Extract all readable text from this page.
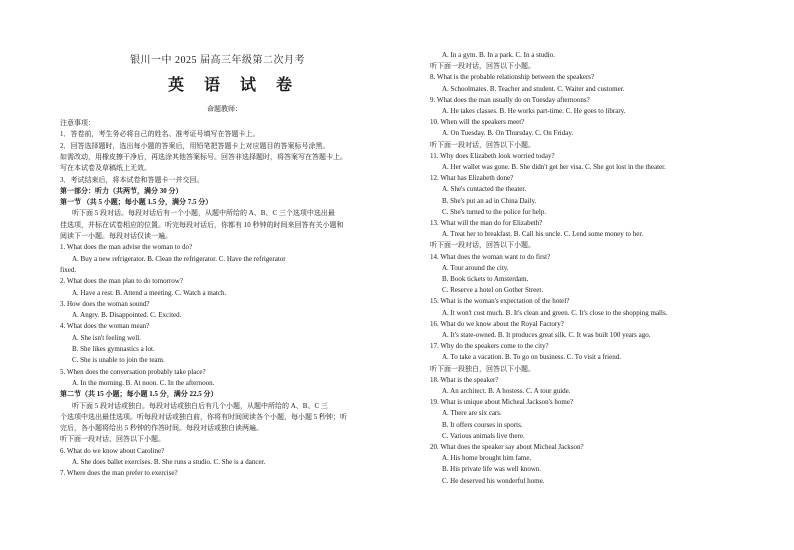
银川一中 2025 届高三年级第二次月考
英 语 试 卷
命题教师：
注意事项：
1．答卷前，考生务必将自己的姓名、准考证号填写在答题卡上。
2．回答选择题时，选出每小题的答案后，用铅笔把答题卡上对应题目的答案标号涂黑。
如需改动，用橡皮擦干净后，再选涂其他答案标号。回答非选择题时，将答案写在答题卡上。
写在本试卷及草稿纸上无效。
3．考试结束后，将本试卷和答题卡一并交回。
第一部分：听力（共两节，满分 30 分）
第一节 （共 5 小题；每小题 1.5 分，满分 7.5 分）
听下面 5 段对话。每段对话后有一个小题，从题中所给的 A、B、C 三个选项中选出最
佳选项，并标在试卷相应的位置。听完每段对话后，你都有 10 秒钟的时间来回答有关小题和
阅读下一小题。每段对话仅读一遍。
1. What does the man advise the woman to do?
A. Buy a new refrigerator. B. Clean the refrigerator. C. Have the refrigerator
fixed.
2. What does the man plan to do tomorrow?
A. Have a rest. B. Attend a meeting. C. Watch a match.
3. How does the woman sound?
A. Angry. B. Disappointed. C. Excited.
4. What does the woman mean?
A. She isn't feeling well.
B. She likes gymnastics a lot.
C. She is unable to join the team.
5. When does the conversation probably take place?
A. In the morning. B. At noon. C. In the afternoon.
第二节（共 15 小题；每小题 1.5 分，满分 22.5 分）
听下面 5 段对话或独白。每段对话或独白后有几个小题，从题中所给的 A、B、C 三
个选项中选出最佳选项。听每段对话或独白前，你将有时间阅读各个小题，每小题 5 秒钟；听
完后，各小题将给出 5 秒钟的作答时间。每段对话或独白读两遍。
听下面一段对话，回答以下小题。
6. What do we know about Caroline?
A. She does ballet exercises. B. She runs a studio. C. She is a dancer.
7. Where does the man prefer to exercise?
A. In a gym. B. In a park. C. In a studio.
听下面一段对话，回答以下小题。
8. What is the probable relationship between the speakers?
A. Schoolmates. B. Teacher and student. C. Waiter and customer.
9. What does the man usually do on Tuesday afternoons?
A. He takes classes. B. He works part-time. C. He goes to library.
10. When will the speakers meet?
A. On Tuesday. B. On Thursday. C. On Friday.
听下面一段对话，回答以下小题。
11. Why does Elizabeth look worried today?
A. Her wallet was gone. B. She didn't get her visa. C. She got lost in the theater.
12. What has Elizabeth done?
A. She's contacted the theater.
B. She's put an ad in China Daily.
C. She's turned to the police for help.
13. What will the man do for Elizabeth?
A. Treat her to breakfast. B. Call his uncle. C. Lend some money to her.
听下面一段对话，回答以下小题。
14. What does the woman want to do first?
A. Tour around the city.
B. Book tickets to Amsterdam.
C. Reserve a hotel on Gother Street.
15. What is the woman's expectation of the hotel?
A. It won't cost much. B. It's clean and green. C. It's close to the shopping malls.
16. What do we know about the Royal Factory?
A. It's state-owned. B. It produces great silk. C. It was built 100 years ago.
17. Why do the speakers come to the city?
A. To take a vacation. B. To go on business. C. To visit a friend.
听下面一段独白，回答以下小题。
18. What is the speaker?
A. An architect. B. A hostess. C. A tour guide.
19. What is unique about Micheal Jackson's home?
A. There are six cars.
B. It offers courses in sports.
C. Various animals live there.
20. What does the speaker say about Micheal Jackson?
A. His home brought him fame.
B. His private life was well known.
C. He deserved his wonderful home.
